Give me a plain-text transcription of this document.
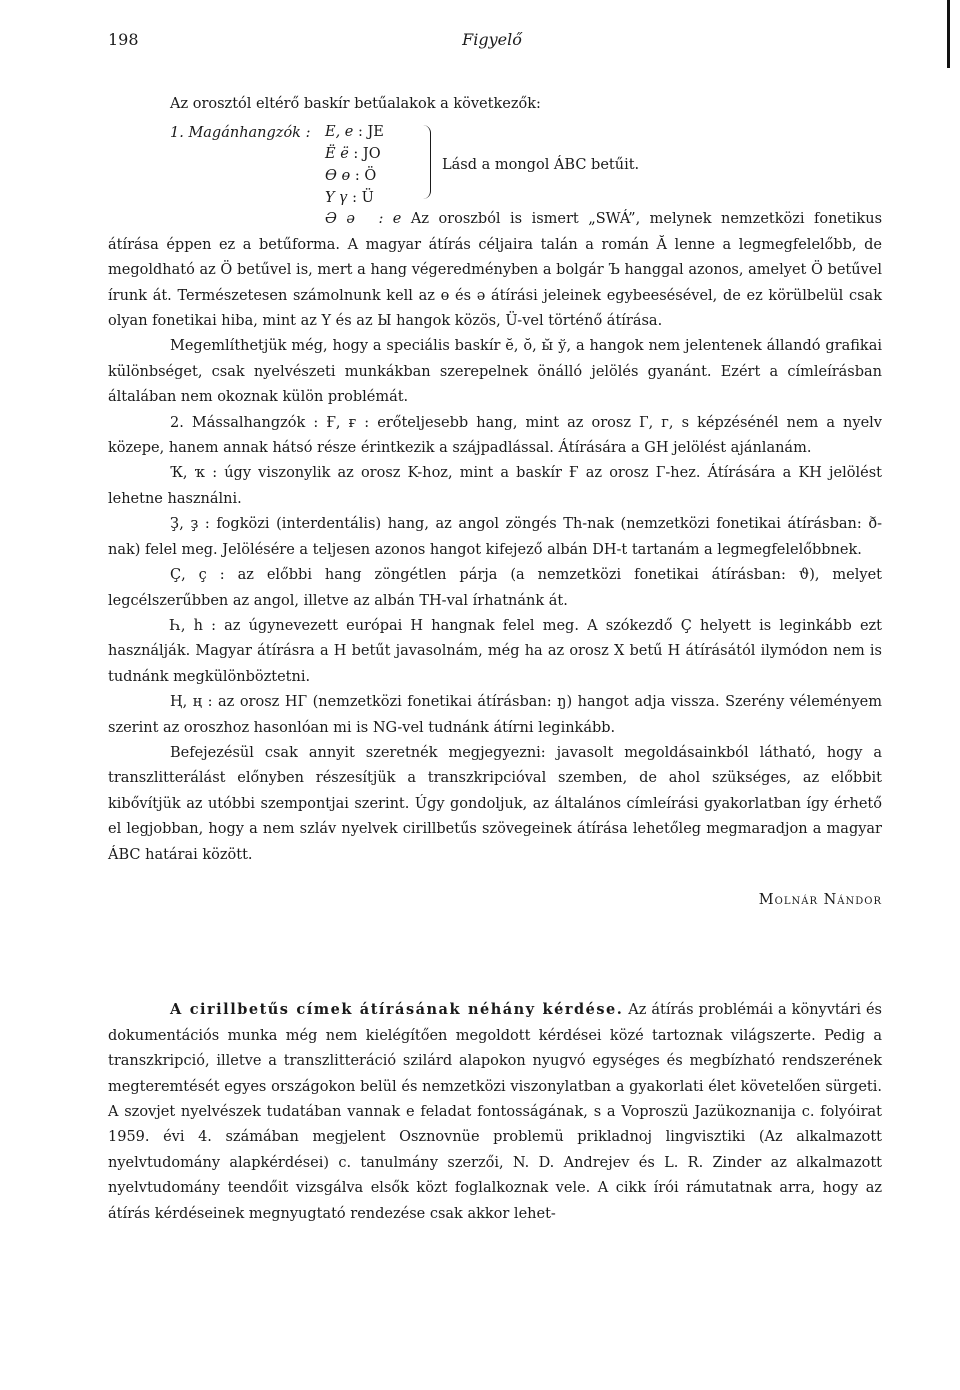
198	Figyelő

Az orosztól eltérő baskír betűalakok a következők:

1. Magánhangzók : E, e : JE
Ë ë : JO
Ө ө : Ö
Ү ү : Ü
Lásd a mongol ÁBC betűit.

Ә ә : e Az oroszból is ismert „SWÁ”, melynek nemzetközi fonetikus átírása éppen ez a betűforma. A magyar átírás céljaira talán a román Ă lenne a legmegfelelőbb, de megoldható az Ö betűvel is, mert a hang végeredményben a bolgár Ъ hanggal azonos, amelyet Ö betűvel írunk át. Természetesen számolnunk kell az ө és ә átírási jeleinek egybeesésével, de ez körülbelül csak olyan fonetikai hiba, mint az Ү és az Ы hangok közös, Ü-vel történő átírása.

Megemlíthetjük még, hogy a speciális baskír ĕ, ŏ, ы̆ ў, a hangok nem jelentenek állandó grafikai különbséget, csak nyelvészeti munkákban szerepelnek önálló jelölés gyanánt. Ezért a címleírásban általában nem okoznak külön problémát.

2. Mássalhangzók : Ғ, ғ : erőteljesebb hang, mint az orosz Г, г, s képzésénél nem a nyelv közepe, hanem annak hátsó része érintkezik a szájpadlással. Átírására a GH jelölést ajánlanám.

Ҡ, ҡ : úgy viszonylik az orosz K-hoz, mint a baskír Ғ az orosz Г-hez. Átírására a KH jelölést lehetne használni.

Ҙ, ҙ : fogközi (interdentális) hang, az angol zöngés Th-nak (nemzetközi fonetikai átírásban: ð-nak) felel meg. Jelölésére a teljesen azonos hangot kifejező albán DH-t tartanám a legmegfelelőbbnek.

Ҫ, ҫ : az előbbi hang zöngétlen párja (a nemzetközi fonetikai átírásban: ϑ), melyet legcélszerűbben az angol, illetve az albán TH-val írhatnánk át.

Һ, һ : az úgynevezett európai H hangnak felel meg. A szókezdő Ҫ helyett is leginkább ezt használják. Magyar átírásra a H betűt javasolnám, még ha az orosz X betű H átírásától ilymódon nem is tudnánk megkülönböztetni.

Ң, ң : az orosz НГ (nemzetközi fonetikai átírásban: ŋ) hangot adja vissza. Szerény véleményem szerint az oroszhoz hasonlóan mi is NG-vel tudnánk átírni leginkább.

Befejezésül csak annyit szeretnék megjegyezni: javasolt megoldásainkból látható, hogy a transzlitterálást előnyben részesítjük a transzkripcióval szemben, de ahol szükséges, az előbbit kibővítjük az utóbbi szempontjai szerint. Úgy gondoljuk, az általános címleírási gyakorlatban így érhető el legjobban, hogy a nem szláv nyelvek cirillbetűs szövegeinek átírása lehetőleg megmaradjon a magyar ÁBC határai között.

Molnár Nándor

A cirillbetűs címek átírásának néhány kérdése. Az átírás problémái a könyvtári és dokumentációs munka még nem kielégítően megoldott kérdései közé tartoznak világszerte. Pedig a transzkripció, illetve a transzlitteráció szilárd alapokon nyugvó egységes és megbízható rendszerének megteremtését egyes országokon belül és nemzetközi viszonylatban a gyakorlati élet követelően sürgeti. A szovjet nyelvészek tudatában vannak e feladat fontosságának, s a Voproszü Jazükoznanija c. folyóirat 1959. évi 4. számában megjelent Osznovnüe problemü prikladnoj lingvisztiki (Az alkalmazott nyelvtudomány alapkérdései) c. tanulmány szerzői, N. D. Andrejev és L. R. Zinder az alkalmazott nyelvtudomány teendőit vizsgálva elsők közt foglalkoznak vele. A cikk írói rámutatnak arra, hogy az átírás kérdéseinek megnyugtató rendezése csak akkor lehet-
